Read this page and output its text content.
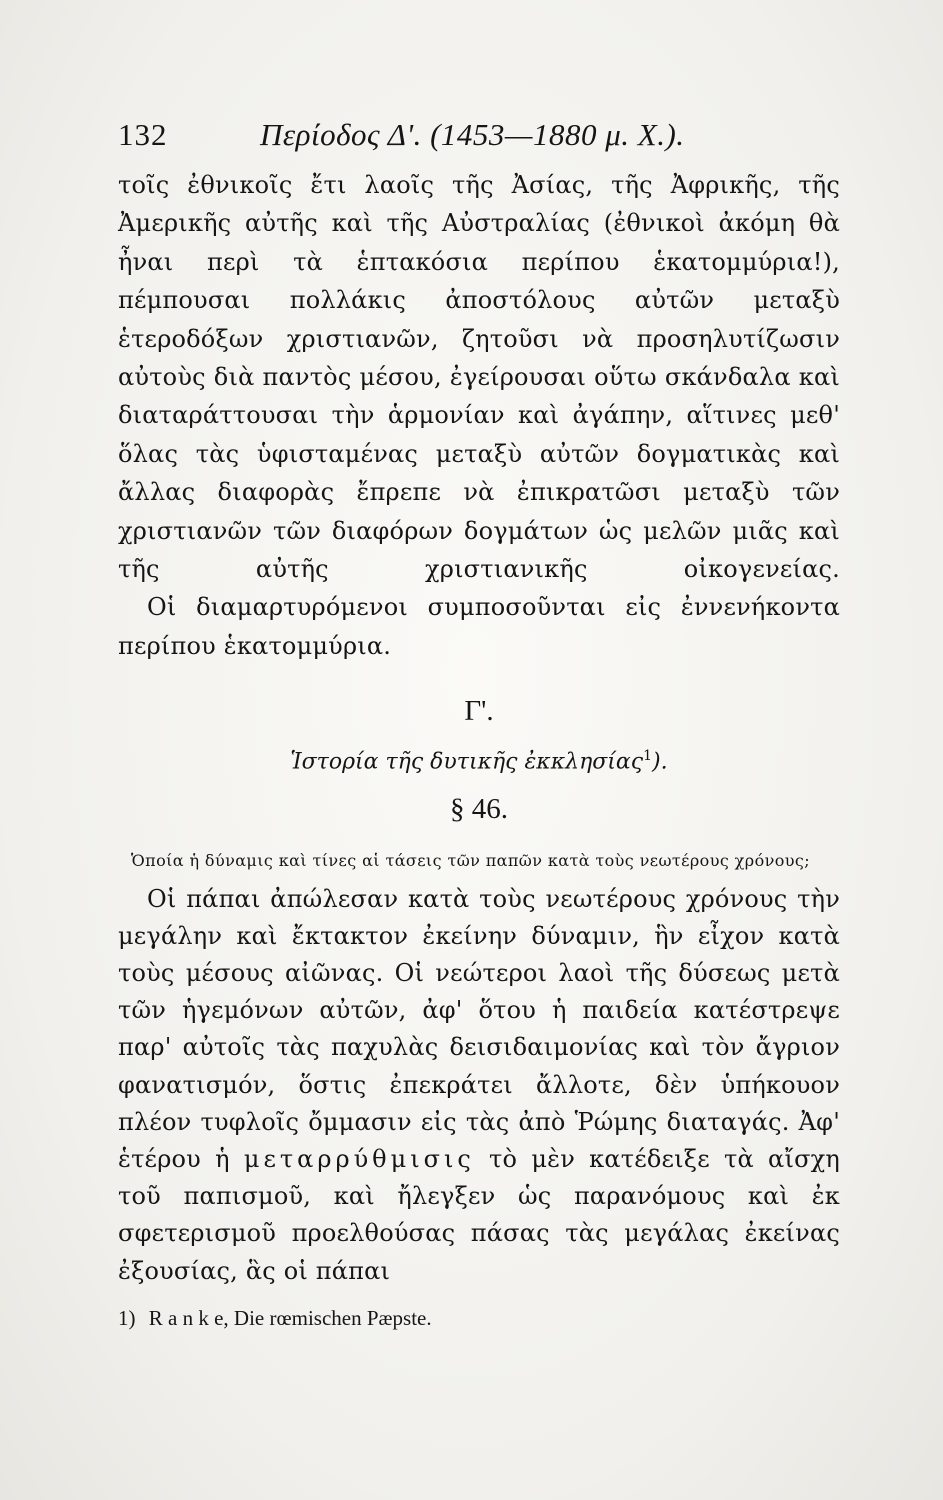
132	Περίοδος Δ'. (1453—1880 μ. Χ.).

τοῖς ἐθνικοῖς ἔτι λαοῖς τῆς Ἀσίας, τῆς Ἀφρικῆς, τῆς Ἀμερικῆς αὐτῆς καὶ τῆς Αὐστραλίας (ἐθνικοὶ ἀκόμη θὰ ἦναι περὶ τὰ ἑπτακόσια περίπου ἑκατομμύρια!), πέμπουσαι πολλάκις ἀποστόλους αὐτῶν μεταξὺ ἑτεροδόξων χριστιανῶν, ζητοῦσι νὰ προσηλυτίζωσιν αὐτοὺς διὰ παντὸς μέσου, ἐγείρουσαι οὕτω σκάνδαλα καὶ διαταράττουσαι τὴν ἁρμονίαν καὶ ἀγάπην, αἵτινες μεθ' ὅλας τὰς ὑφισταμένας μεταξὺ αὐτῶν δογματικὰς καὶ ἄλλας διαφορὰς ἔπρεπε νὰ ἐπικρατῶσι μεταξὺ τῶν χριστιανῶν τῶν διαφόρων δογμάτων ὡς μελῶν μιᾶς καὶ τῆς αὐτῆς χριστιανικῆς οἰκογενείας.

Οἱ διαμαρτυρόμενοι συμποσοῦνται εἰς ἐννενήκοντα περίπου ἑκατομμύρια.

Γ'.
Ἱστορία τῆς δυτικῆς ἐκκλησίας$^1$).
§ 46.

Ὁποία ἡ δύναμις καὶ τίνες αἱ τάσεις τῶν παπῶν κατὰ τοὺς νεωτέρους χρόνους;

Οἱ πάπαι ἀπώλεσαν κατὰ τοὺς νεωτέρους χρόνους τὴν μεγάλην καὶ ἔκτακτον ἐκείνην δύναμιν, ἣν εἶχον κατὰ τοὺς μέσους αἰῶνας. Οἱ νεώτεροι λαοὶ τῆς δύσεως μετὰ τῶν ἡγεμόνων αὐτῶν, ἀφ' ὅτου ἡ παιδεία κατέστρεψε παρ' αὐτοῖς τὰς παχυλὰς δεισιδαιμονίας καὶ τὸν ἄγριον φανατισμόν, ὅστις ἐπεκράτει ἄλλοτε, δὲν ὑπήκουον πλέον τυφλοῖς ὄμμασιν εἰς τὰς ἀπὸ Ῥώμης διαταγάς. Ἀφ' ἑτέρου ἡ μεταρρύθμισις τὸ μὲν κατέδειξε τὰ αἴσχη τοῦ παπισμοῦ, καὶ ἤλεγξεν ὡς παρανόμους καὶ ἐκ σφετερισμοῦ προελθούσας πάσας τὰς μεγάλας ἐκείνας ἐξουσίας, ἃς οἱ πάπαι

1) R a n k e, Die rœmischen Pæpste.
